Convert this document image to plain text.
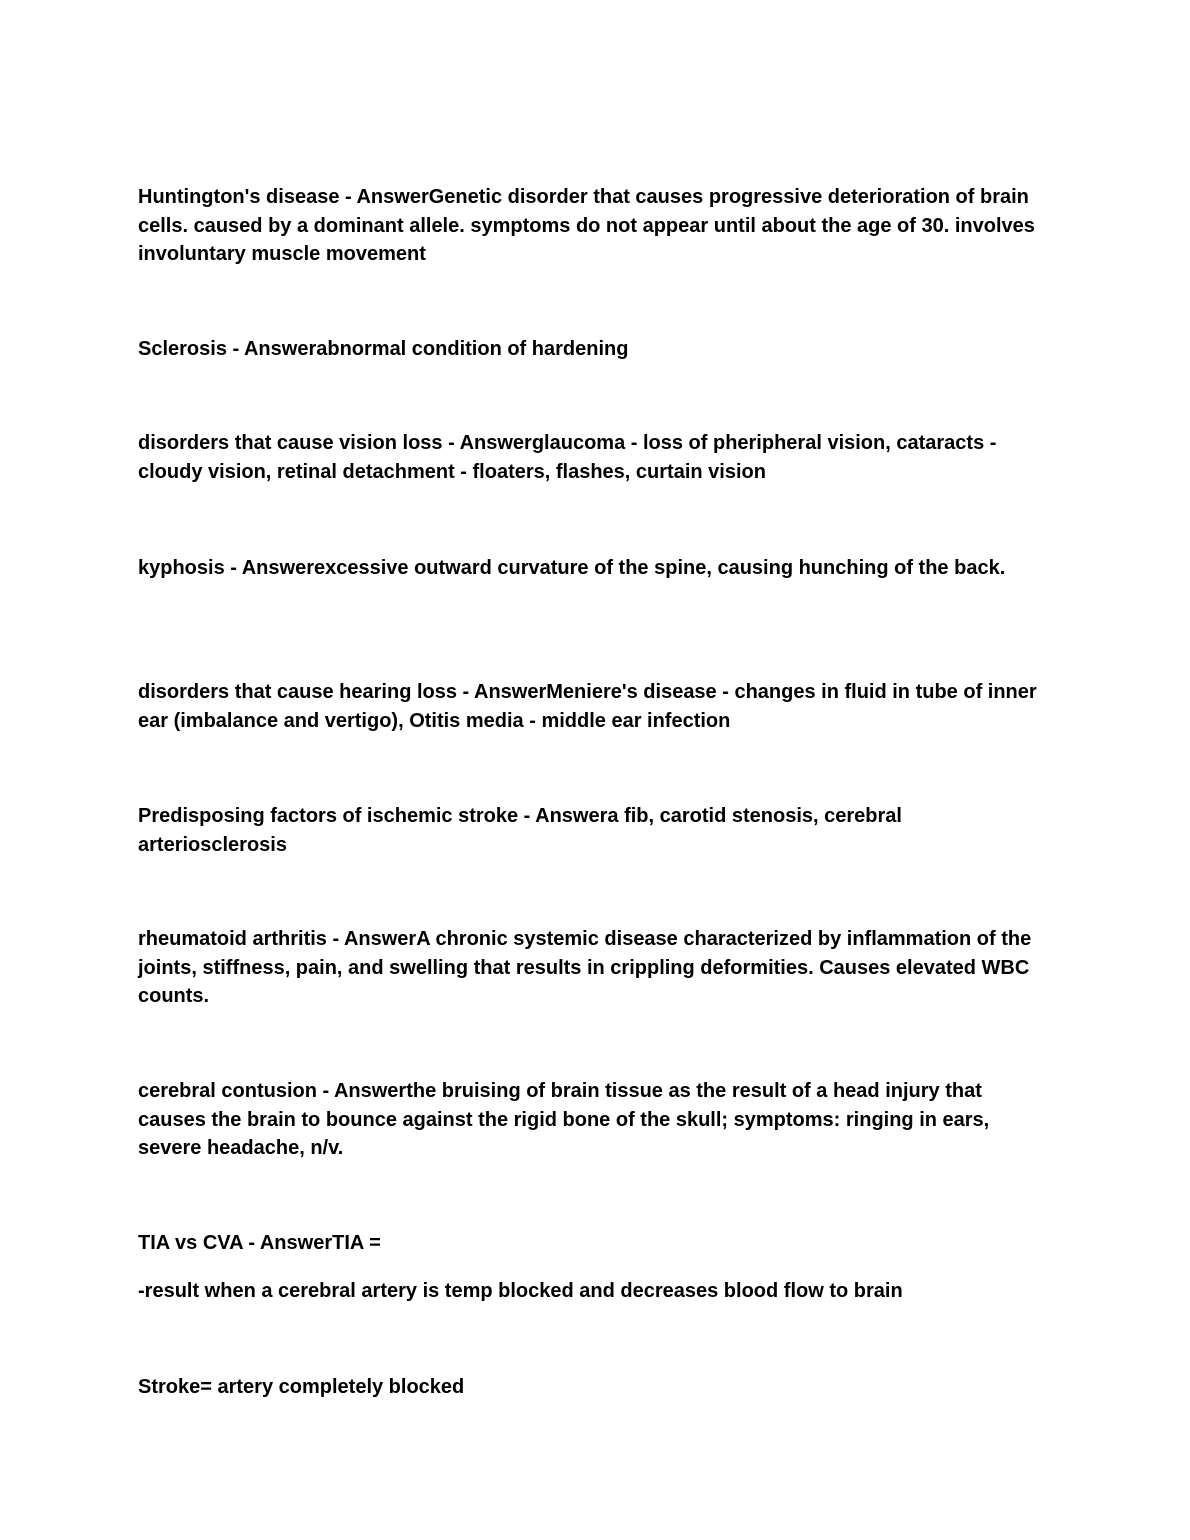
Huntington's disease - AnswerGenetic disorder that causes progressive deterioration of brain cells. caused by a dominant allele. symptoms do not appear until about the age of 30. involves involuntary muscle movement

Sclerosis - Answerabnormal condition of hardening

disorders that cause vision loss - Answerglaucoma - loss of pheripheral vision, cataracts - cloudy vision, retinal detachment - floaters, flashes, curtain vision

kyphosis - Answerexcessive outward curvature of the spine, causing hunching of the back.

disorders that cause hearing loss - AnswerMeniere's disease - changes in fluid in tube of inner ear (imbalance and vertigo), Otitis media - middle ear infection

Predisposing factors of ischemic stroke - Answera fib, carotid stenosis, cerebral arteriosclerosis

rheumatoid arthritis - AnswerA chronic systemic disease characterized by inflammation of the joints, stiffness, pain, and swelling that results in crippling deformities. Causes elevated WBC counts.

cerebral contusion - Answerthe bruising of brain tissue as the result of a head injury that causes the brain to bounce against the rigid bone of the skull; symptoms: ringing in ears, severe headache, n/v.

TIA vs CVA - AnswerTIA =

-result when a cerebral artery is temp blocked and decreases blood flow to brain

Stroke= artery completely blocked
